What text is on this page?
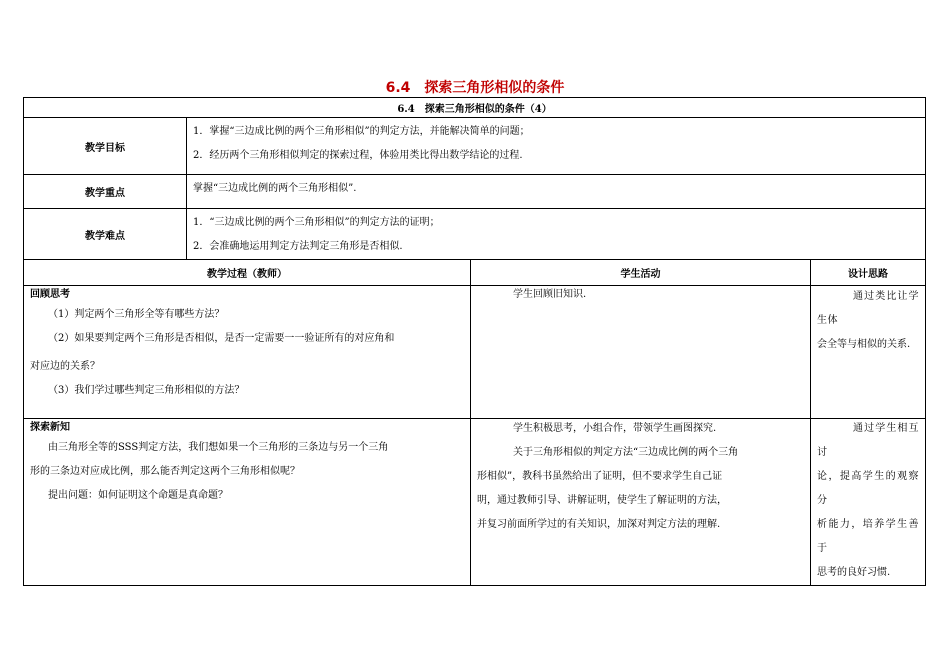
6.4　探索三角形相似的条件
6.4　探索三角形相似的条件（4）			
教学目标	1．掌握“三边成比例的两个三角形相似”的判定方法，并能解决简单的问题；
2．经历两个三角形相似判定的探索过程，体验用类比得出数学结论的过程.		

教学重点	掌握“三边成比例的两个三角形相似”.		

教学难点	1．“三边成比例的两个三角形相似”的判定方法的证明；
2．会准确地运用判定方法判定三角形是否相似.		

教学过程（教师）		学生活动	设计思路

回顾思考
（1）判定两个三角形全等有哪些方法？
（2）如果要判定两个三角形是否相似，是否一定需要一一验证所有的对应角和
对应边的关系？
（3）我们学过哪些判定三角形相似的方法？		学生回顾旧知识.	通过类比让学生体
会全等与相似的关系.

探索新知
由三角形全等的SSS判定方法，我们想如果一个三角形的三条边与另一个三角
形的三条边对应成比例，那么能否判定这两个三角形相似呢？
提出问题：如何证明这个命题是真命题？		学生积极思考，小组合作，带领学生画图探究.
关于三角形相似的判定方法“三边成比例的两个三角
形相似”，教科书虽然给出了证明，但不要求学生自己证
明，通过教师引导、讲解证明，使学生了解证明的方法，
并复习前面所学过的有关知识，加深对判定方法的理解.	通过学生相互讨
论，提高学生的观察分
析能力，培养学生善于
思考的良好习惯.
